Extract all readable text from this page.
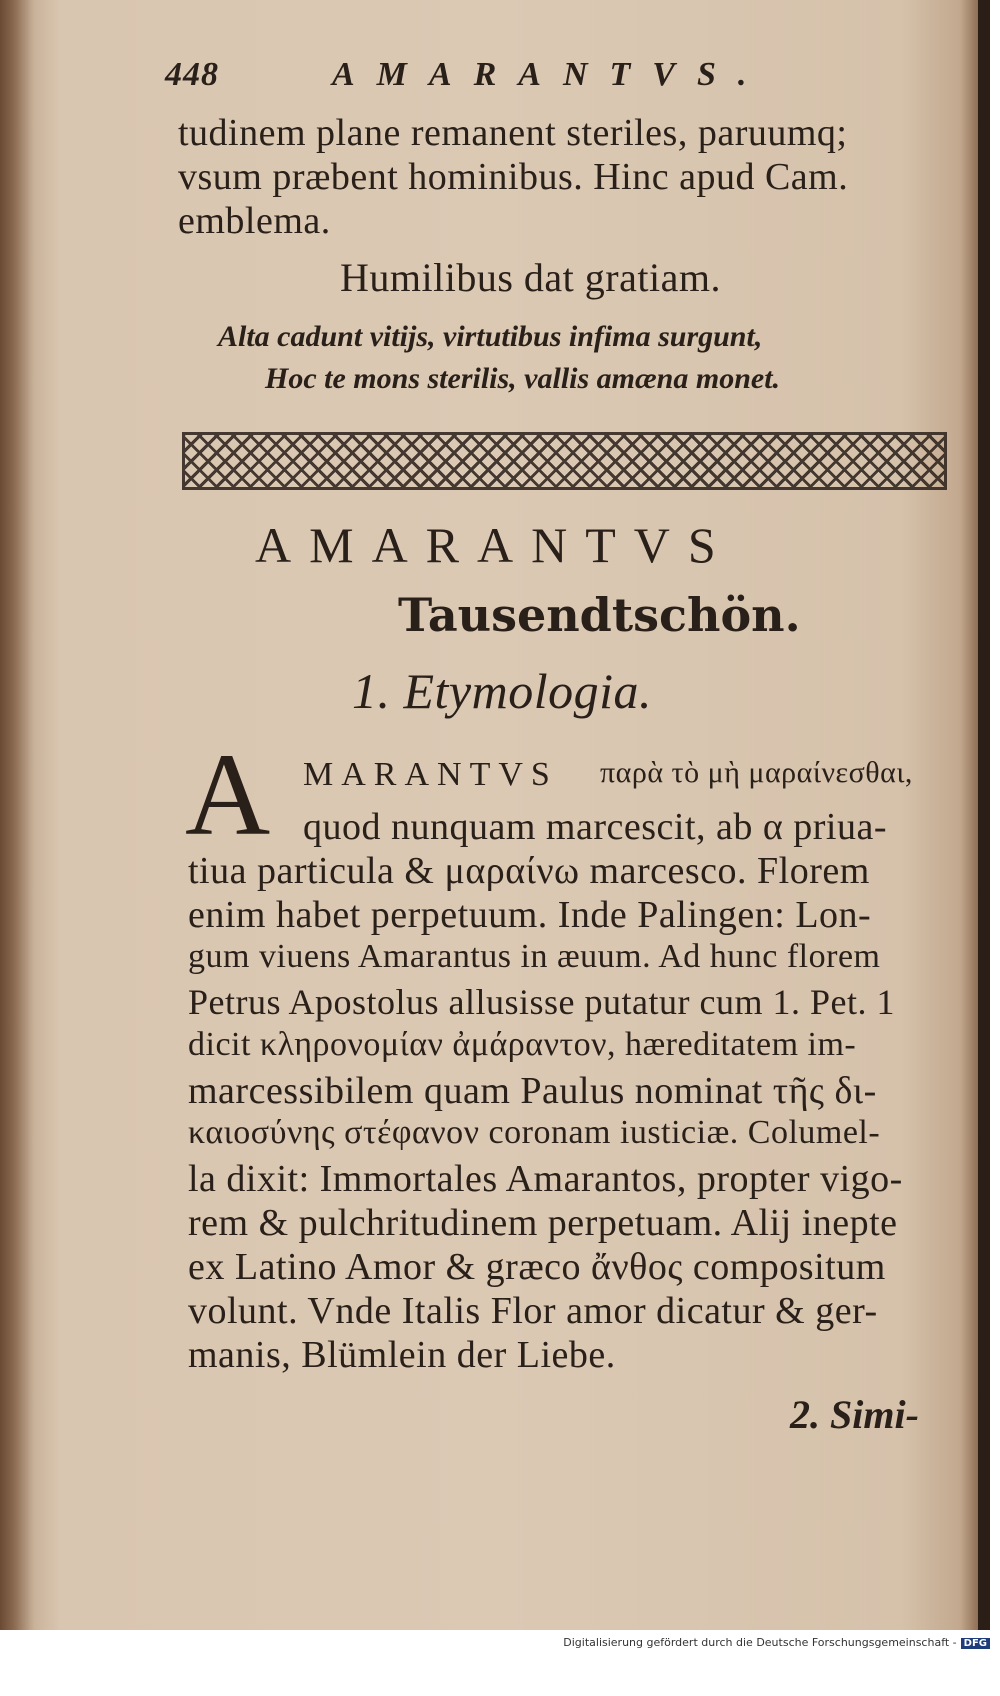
448	AMARANTVS.
tudinem plane remanent steriles, paruumq;
vsum præbent hominibus. Hinc apud Cam.
emblema.
Humilibus dat gratiam.
Alta cadunt vitijs, virtutibus infima surgunt,
Hoc te mons sterilis, vallis amæna monet.
AMARANTVS
Tausendtschön.
1. Etymologia.
A MARANTVS παρὰ τὸ μὴ μαραίνεσθαι,
quod nunquam marcescit, ab α priua-
tiua particula & μαραίνω marcesco. Florem
enim habet perpetuum. Inde Palingen: Lon-
gum viuens Amarantus in æuum. Ad hunc florem
Petrus Apostolus allusisse putatur cum 1. Pet. 1
dicit κληρονομίαν ἀμάραντον, hæreditatem im-
marcessibilem quam Paulus nominat τῆς δι-
καιοσύνης στέφανον coronam iusticiæ. Columel-
la dixit: Immortales Amarantos, propter vigo-
rem & pulchritudinem perpetuam. Alij inepte
ex Latino Amor & græco ἄνθος compositum
volunt. Vnde Italis Flor amor dicatur & ger-
manis, Blümlein der Liebe.
2. Simi-
Digitalisierung gefördert durch die Deutsche Forschungsgemeinschaft - DFG
